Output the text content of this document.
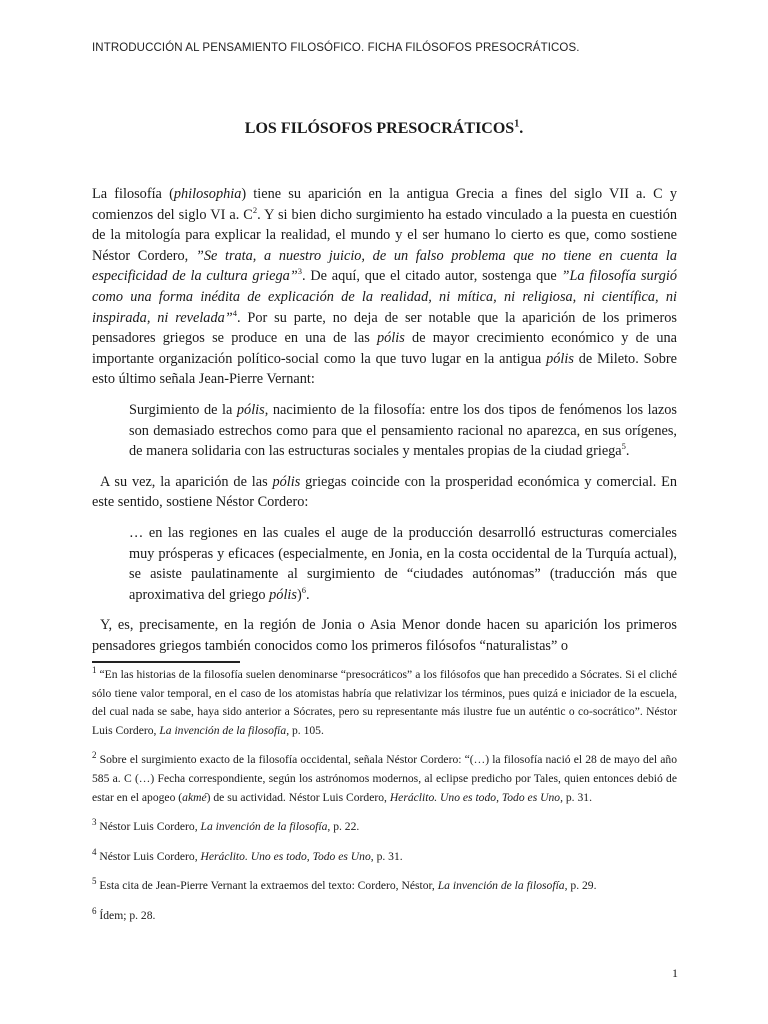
INTRODUCCIÓN AL PENSAMIENTO FILOSÓFICO. FICHA FILÓSOFOS PRESOCRÁTICOS.
LOS FILÓSOFOS PRESOCRÁTICOS$^1$.

La filosofía (philosophia) tiene su aparición en la antigua Grecia a fines del siglo VII a. C y comienzos del siglo VI a. $C^2$. Y si bien dicho surgimiento ha estado vinculado a la puesta en cuestión de la mitología para explicar la realidad, el mundo y el ser humano lo cierto es que, como sostiene Néstor Cordero, ”Se trata, a nuestro juicio, de un falso problema que no tiene en cuenta la especificidad de la cultura griega”$^3$. De aquí, que el citado autor, sostenga que ”La filosofía surgió como una forma inédita de explicación de la realidad, ni mítica, ni religiosa, ni científica, ni inspirada, ni revelada”$^4$. Por su parte, no deja de ser notable que la aparición de los primeros pensadores griegos se produce en una de las pólis de mayor crecimiento económico y de una importante organización político-social como la que tuvo lugar en la antigua pólis de Mileto. Sobre esto último señala Jean-Pierre Vernant:

Surgimiento de la pólis, nacimiento de la filosofía: entre los dos tipos de fenómenos los lazos son demasiado estrechos como para que el pensamiento racional no aparezca, en sus orígenes, de manera solidaria con las estructuras sociales y mentales propias de la ciudad griega$^5$.

A su vez, la aparición de las pólis griegas coincide con la prosperidad económica y comercial. En este sentido, sostiene Néstor Cordero:

… en las regiones en las cuales el auge de la producción desarrolló estructuras comerciales muy prósperas y eficaces (especialmente, en Jonia, en la costa occidental de la Turquía actual), se asiste paulatinamente al surgimiento de “ciudades autónomas” (traducción más que aproximativa del griego pólis)$^6$.

Y, es, precisamente, en la región de Jonia o Asia Menor donde hacen su aparición los primeros pensadores griegos también conocidos como los primeros filósofos “naturalistas” o

$^1$ “En las historias de la filosofía suelen denominarse “presocráticos” a los filósofos que han precedido a Sócrates. Si el cliché sólo tiene valor temporal, en el caso de los atomistas habría que relativizar los términos, pues quizá e iniciador de la escuela, del cual nada se sabe, haya sido anterior a Sócrates, pero su representante más ilustre fue un auténtic o co-socrático”. Néstor Luis Cordero, La invención de la filosofía, p. 105.

$^2$ Sobre el surgimiento exacto de la filosofía occidental, señala Néstor Cordero: “(…) la filosofía nació el 28 de mayo del año 585 a. C (…) Fecha correspondiente, según los astrónomos modernos, al eclipse predicho por Tales, quien entonces debió de estar en el apogeo (akmé) de su actividad. Néstor Luis Cordero, Heráclito. Uno es todo, Todo es Uno, p. 31.

$^3$ Néstor Luis Cordero, La invención de la filosofía, p. 22.

$^4$ Néstor Luis Cordero, Heráclito. Uno es todo, Todo es Uno, p. 31.

$^5$ Esta cita de Jean-Pierre Vernant la extraemos del texto: Cordero, Néstor, La invención de la filosofía, p. 29.

$^6$ Ídem; p. 28.

1
